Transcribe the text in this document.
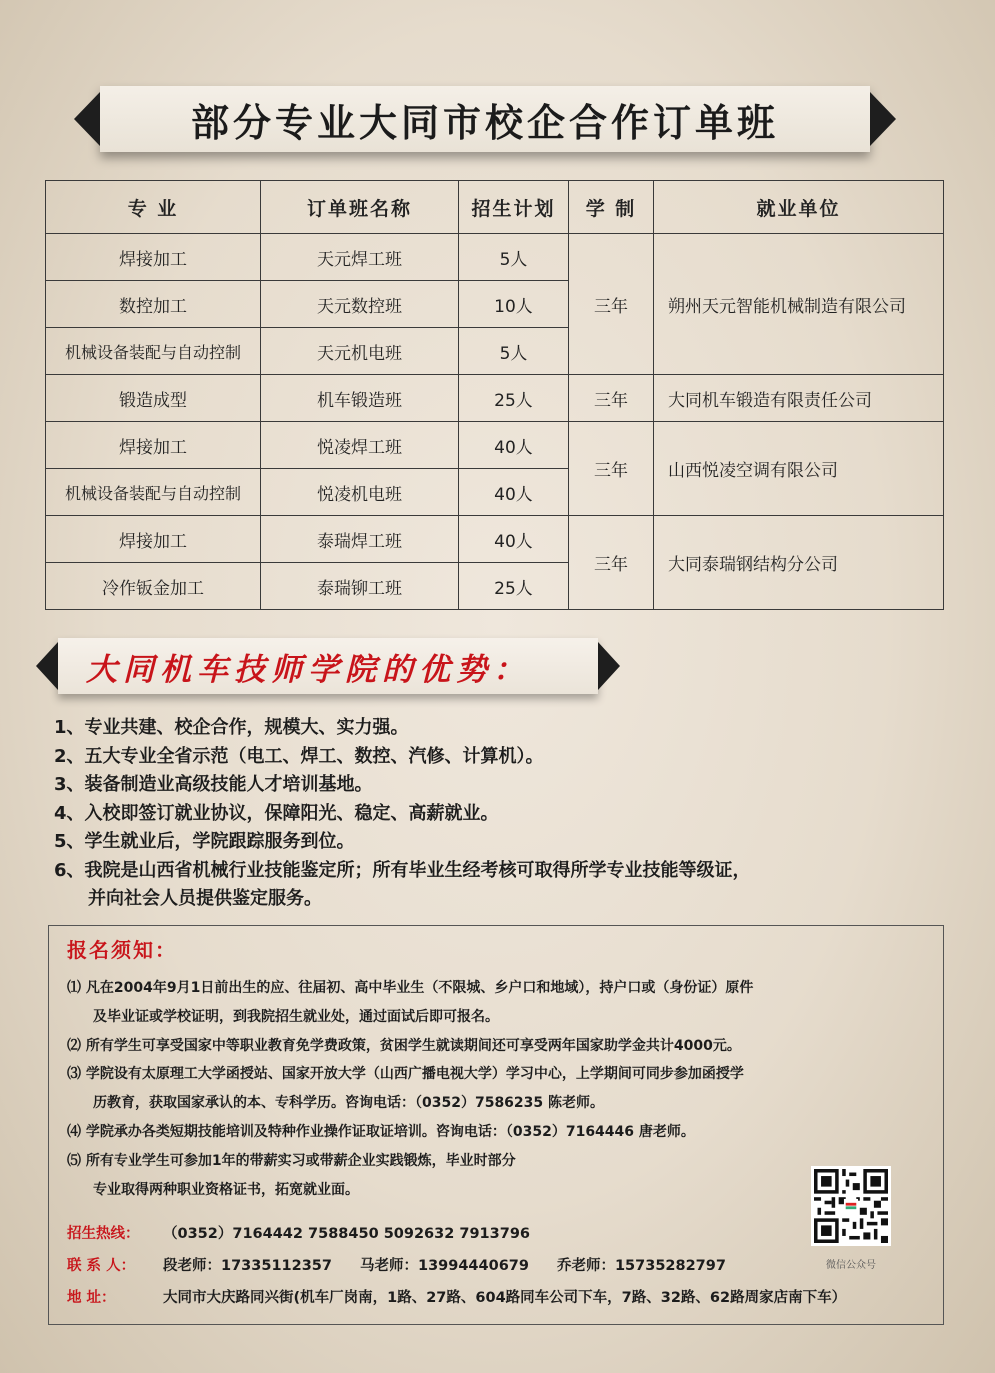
部分专业大同市校企合作订单班
专 业	订单班名称	招生计划	学 制	就业单位
焊接加工	天元焊工班	5人	三年	朔州天元智能机械制造有限公司
数控加工	天元数控班	10人		
机械设备装配与自动控制	天元机电班	5人		
锻造成型	机车锻造班	25人	三年	大同机车锻造有限责任公司
焊接加工	悦凌焊工班	40人	三年	山西悦凌空调有限公司
机械设备装配与自动控制	悦凌机电班	40人		
焊接加工	泰瑞焊工班	40人	三年	大同泰瑞钢结构分公司
冷作钣金加工	泰瑞铆工班	25人		
大同机车技师学院的优势：
1、专业共建、校企合作，规模大、实力强。
2、五大专业全省示范（电工、焊工、数控、汽修、计算机）。
3、装备制造业高级技能人才培训基地。
4、入校即签订就业协议，保障阳光、稳定、高薪就业。
5、学生就业后，学院跟踪服务到位。
6、我院是山西省机械行业技能鉴定所；所有毕业生经考核可取得所学专业技能等级证，
并向社会人员提供鉴定服务。
报名须知：
⑴ 凡在2004年9月1日前出生的应、往届初、高中毕业生（不限城、乡户口和地域），持户口或（身份证）原件
及毕业证或学校证明，到我院招生就业处，通过面试后即可报名。
⑵ 所有学生可享受国家中等职业教育免学费政策，贫困学生就读期间还可享受两年国家助学金共计4000元。
⑶ 学院设有太原理工大学函授站、国家开放大学（山西广播电视大学）学习中心，上学期间可同步参加函授学
历教育，获取国家承认的本、专科学历。咨询电话：（0352）7586235 陈老师。
⑷ 学院承办各类短期技能培训及特种作业操作证取证培训。咨询电话：（0352）7164446 唐老师。
⑸ 所有专业学生可参加1年的带薪实习或带薪企业实践锻炼，毕业时部分
专业取得两种职业资格证书，拓宽就业面。
招生热线： （0352）7164442 7588450 5092632 7913796
联 系 人： 段老师：17335112357 马老师：13994440679 乔老师：15735282797
地 址：	大同市大庆路同兴街(机车厂岗南，1路、27路、604路同车公司下车，7路、32路、62路周家店南下车）
微信公众号
